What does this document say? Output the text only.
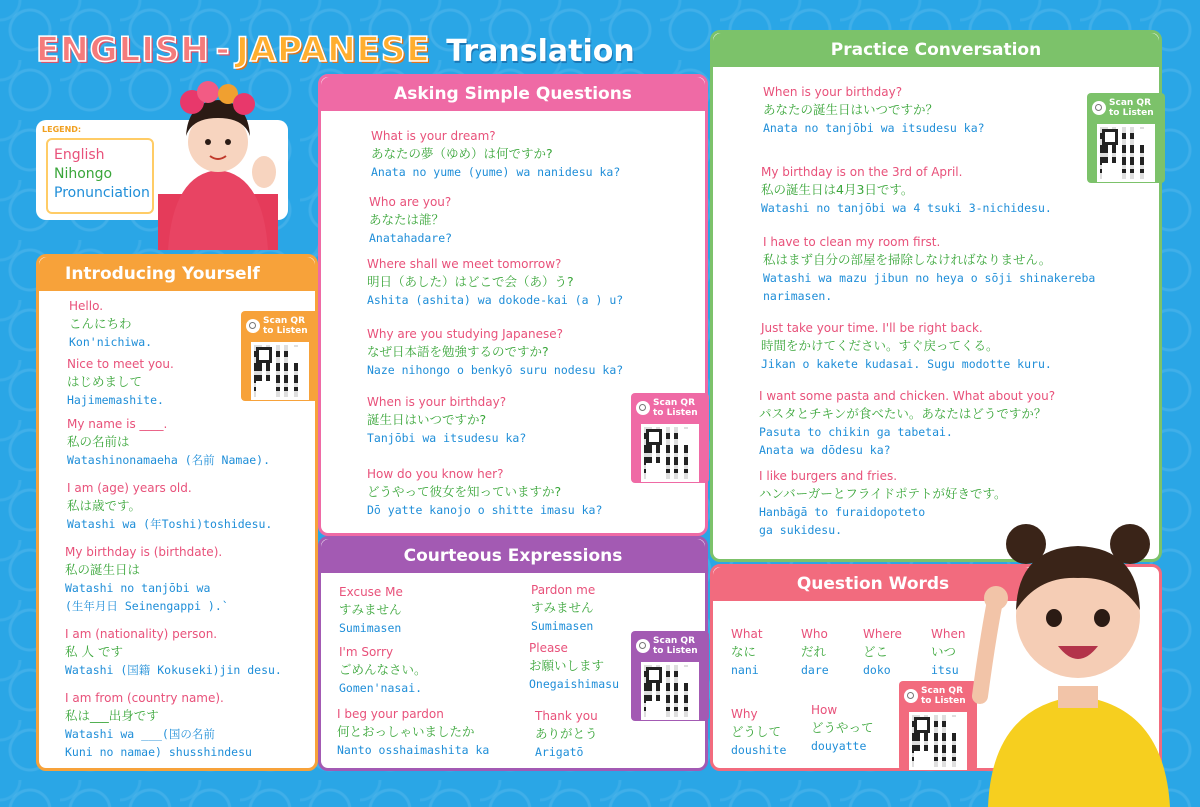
ENGLISH - JAPANESE Translation
LEGEND:
English
Nihongo
Pronunciation
Introducing Yourself
Hello.
こんにちわ
Kon'nichiwa.
Nice to meet you.
はじめまして
Hajimemashite.
My name is ____.
私の名前は
Watashinonamaeha (名前 Namae).
I am (age) years old.
私は歳です。
Watashi wa (年Toshi)toshidesu.
My birthday is (birthdate).
私の誕生日は
Watashi no tanjōbi wa
(生年月日 Seinengappi ).`
I am (nationality) person.
私 人 です
Watashi (国籍 Kokuseki)jin desu.
I am from (country name).
私は___出身です
Watashi wa ___(国の名前
Kuni no namae) shusshindesu
Scan QR
to Listen
Asking Simple Questions
What is your dream?
あなたの夢（ゆめ）は何ですか?
Anata no yume (yume) wa nanidesu ka?
Who are you?
あなたは誰？
Anatahadare?
Where shall we meet tomorrow?
明日（あした）はどこで会（あ）う?
Ashita (ashita) wa dokode-kai (a ) u?
Why are you studying Japanese?
なぜ日本語を勉強するのですか?
Naze nihongo o benkyō suru nodesu ka?
When is your birthday?
誕生日はいつですか?
Tanjōbi wa itsudesu ka?
How do you know her?
どうやって彼女を知っていますか?
Dō yatte kanojo o shitte imasu ka?
Scan QR
to Listen
Courteous Expressions
Excuse Me
すみません
Sumimasen
Pardon me
すみません
Sumimasen
I'm Sorry
ごめんなさい。
Gomen'nasai.
Please
お願いします
Onegaishimasu
I beg your pardon
何とおっしゃいましたか
Nanto osshaimashita ka
Thank you
ありがとう
Arigatō
Scan QR
to Listen
Practice Conversation
When is your birthday?
あなたの誕生日はいつですか？
Anata no tanjōbi wa itsudesu ka?
My birthday is on the 3rd of April.
私の誕生日は4月3日です。
Watashi no tanjōbi wa 4 tsuki 3-nichidesu.
I have to clean my room first.
私はまず自分の部屋を掃除しなければなりません。
Watashi wa mazu jibun no heya o sōji shinakereba
narimasen.
Just take your time. I'll be right back.
時間をかけてください。すぐ戻ってくる。
Jikan o kakete kudasai. Sugu modotte kuru.
I want some pasta and chicken. What about you?
パスタとチキンが食べたい。あなたはどうですか？
Pasuta to chikin ga tabetai.
Anata wa dōdesu ka?
I like burgers and fries.
ハンバーガーとフライドポテトが好きです。
Hanbāgā to furaidopoteto
ga sukidesu.
Scan QR
to Listen
Question Words
What
なに
nani
Who
だれ
dare
Where
どこ
doko
When
いつ
itsu
Why
どうして
doushite
How
どうやって
douyatte
Scan QR
to Listen
